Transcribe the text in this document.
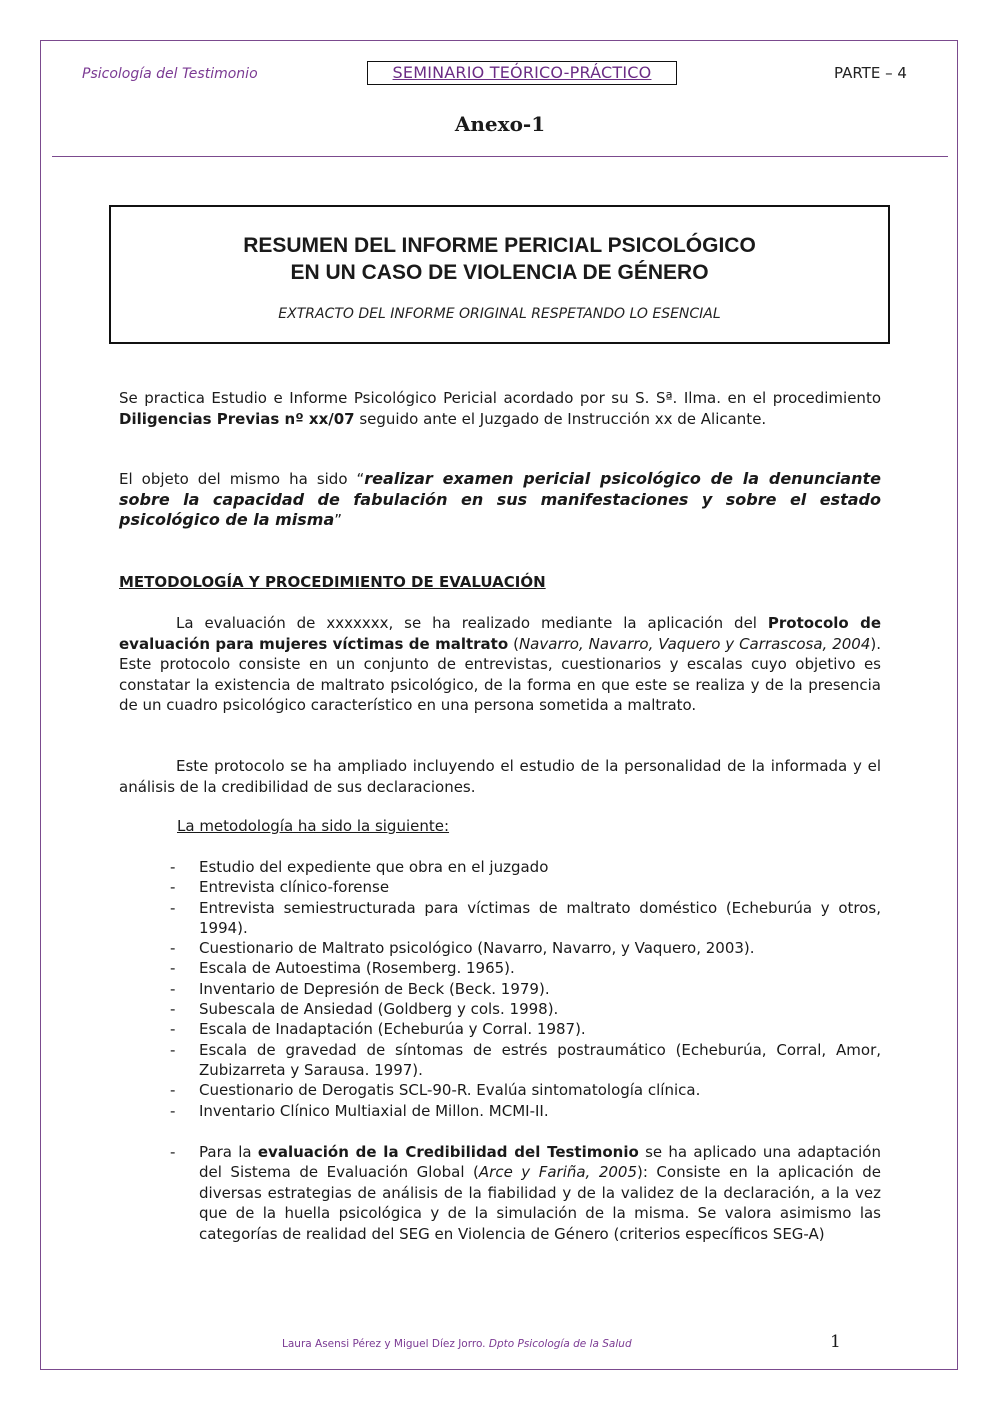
Psicología del Testimonio	SEMINARIO TEÓRICO-PRÁCTICO	PARTE – 4
Anexo-1
RESUMEN DEL INFORME PERICIAL PSICOLÓGICO
EN UN CASO DE VIOLENCIA DE GÉNERO
EXTRACTO DEL INFORME ORIGINAL RESPETANDO LO ESENCIAL
Se practica Estudio e Informe Psicológico Pericial acordado por su S. Sª. Ilma. en el procedimiento Diligencias Previas nº xx/07 seguido ante el Juzgado de Instrucción xx de Alicante.
El objeto del mismo ha sido “realizar examen pericial psicológico de la denunciante sobre la capacidad de fabulación en sus manifestaciones y sobre el estado psicológico de la misma”
METODOLOGÍA Y PROCEDIMIENTO DE EVALUACIÓN
La evaluación de xxxxxxx, se ha realizado mediante la aplicación del Protocolo de evaluación para mujeres víctimas de maltrato (Navarro, Navarro, Vaquero y Carrascosa, 2004). Este protocolo consiste en un conjunto de entrevistas, cuestionarios y escalas cuyo objetivo es constatar la existencia de maltrato psicológico, de la forma en que este se realiza y de la presencia de un cuadro psicológico característico en una persona sometida a maltrato.
Este protocolo se ha ampliado incluyendo el estudio de la personalidad de la informada y el análisis de la credibilidad de sus declaraciones.
La metodología ha sido la siguiente:
- Estudio del expediente que obra en el juzgado
- Entrevista clínico-forense
- Entrevista semiestructurada para víctimas de maltrato doméstico (Echeburúa y otros, 1994).
- Cuestionario de Maltrato psicológico (Navarro, Navarro, y Vaquero, 2003).
- Escala de Autoestima (Rosemberg. 1965).
- Inventario de Depresión de Beck (Beck. 1979).
- Subescala de Ansiedad (Goldberg y cols. 1998).
- Escala de Inadaptación (Echeburúa y Corral. 1987).
- Escala de gravedad de síntomas de estrés postraumático (Echeburúa, Corral, Amor, Zubizarreta y Sarausa. 1997).
- Cuestionario de Derogatis SCL-90-R. Evalúa sintomatología clínica.
- Inventario Clínico Multiaxial de Millon. MCMI-II.
-	Para la evaluación de la Credibilidad del Testimonio se ha aplicado una adaptación del Sistema de Evaluación Global (Arce y Fariña, 2005): Consiste en la aplicación de diversas estrategias de análisis de la fiabilidad y de la validez de la declaración, a la vez que de la huella psicológica y de la simulación de la misma. Se valora asimismo las categorías de realidad del SEG en Violencia de Género (criterios específicos SEG-A)
Laura Asensi Pérez y Miguel Díez Jorro. Dpto Psicología de la Salud	1
